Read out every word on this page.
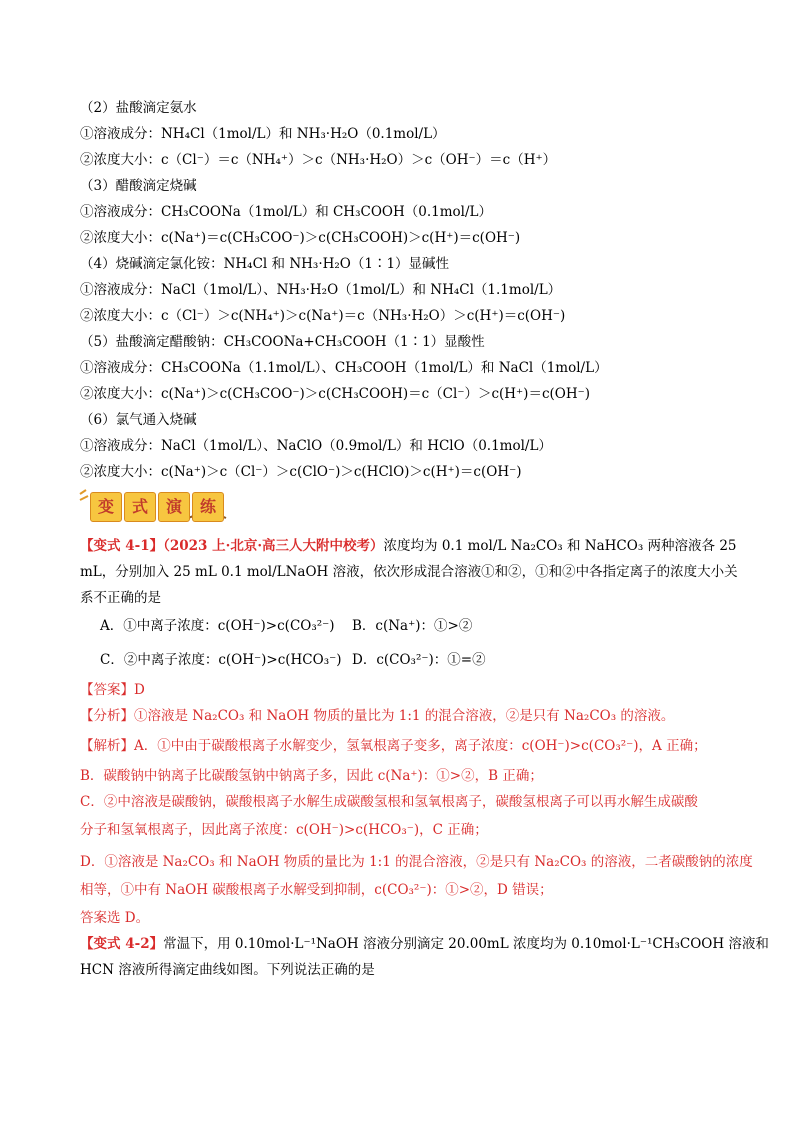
（2）盐酸滴定氨水
①溶液成分：NH₄Cl（1mol/L）和 NH₃·H₂O（0.1mol/L）
②浓度大小：c（Cl⁻）＝c（NH₄⁺）＞c（NH₃·H₂O）＞c（OH⁻）＝c（H⁺）
（3）醋酸滴定烧碱
①溶液成分：CH₃COONa（1mol/L）和 CH₃COOH（0.1mol/L）
②浓度大小：c(Na⁺)＝c(CH₃COO⁻)＞c(CH₃COOH)＞c(H⁺)＝c(OH⁻)
（4）烧碱滴定氯化铵：NH₄Cl 和 NH₃·H₂O（1∶1）显碱性
①溶液成分：NaCl（1mol/L）、NH₃·H₂O（1mol/L）和 NH₄Cl（1.1mol/L）
②浓度大小：c（Cl⁻）＞c(NH₄⁺)＞c(Na⁺)＝c（NH₃·H₂O）＞c(H⁺)＝c(OH⁻)
（5）盐酸滴定醋酸钠：CH₃COONa+CH₃COOH（1∶1）显酸性
①溶液成分：CH₃COONa（1.1mol/L）、CH₃COOH（1mol/L）和 NaCl（1mol/L）
②浓度大小：c(Na⁺)＞c(CH₃COO⁻)＞c(CH₃COOH)＝c（Cl⁻）＞c(H⁺)＝c(OH⁻)
（6）氯气通入烧碱
①溶液成分：NaCl（1mol/L）、NaClO（0.9mol/L）和 HClO（0.1mol/L）
②浓度大小：c(Na⁺)＞c（Cl⁻）＞c(ClO⁻)＞c(HClO)＞c(H⁺)＝c(OH⁻)
变	式	演	练
【变式 4-1】（2023 上·北京·高三人大附中校考）浓度均为 0.1 mol/L Na₂CO₃ 和 NaHCO₃ 两种溶液各 25
mL，分别加入 25 mL 0.1 mol/LNaOH 溶液，依次形成混合溶液①和②，①和②中各指定离子的浓度大小关
系不正确的是
A．①中离子浓度：c(OH⁻)>c(CO₃²⁻) B．c(Na⁺)：①>②
C．②中离子浓度：c(OH⁻)>c(HCO₃⁻) D．c(CO₃²⁻)：①=②
【答案】D
【分析】①溶液是 Na₂CO₃ 和 NaOH 物质的量比为 1:1 的混合溶液，②是只有 Na₂CO₃ 的溶液。
【解析】A．①中由于碳酸根离子水解变少，氢氧根离子变多，离子浓度：c(OH⁻)>c(CO₃²⁻)，A 正确；
B．碳酸钠中钠离子比碳酸氢钠中钠离子多，因此 c(Na⁺)：①>②，B 正确；
C．②中溶液是碳酸钠，碳酸根离子水解生成碳酸氢根和氢氧根离子，碳酸氢根离子可以再水解生成碳酸
分子和氢氧根离子，因此离子浓度：c(OH⁻)>c(HCO₃⁻)，C 正确；
D．①溶液是 Na₂CO₃ 和 NaOH 物质的量比为 1:1 的混合溶液，②是只有 Na₂CO₃ 的溶液，二者碳酸钠的浓度
相等，①中有 NaOH 碳酸根离子水解受到抑制，c(CO₃²⁻)：①>②，D 错误；
答案选 D。
【变式 4-2】常温下，用 0.10mol·L⁻¹NaOH 溶液分别滴定 20.00mL 浓度均为 0.10mol·L⁻¹CH₃COOH 溶液和
HCN 溶液所得滴定曲线如图。下列说法正确的是
